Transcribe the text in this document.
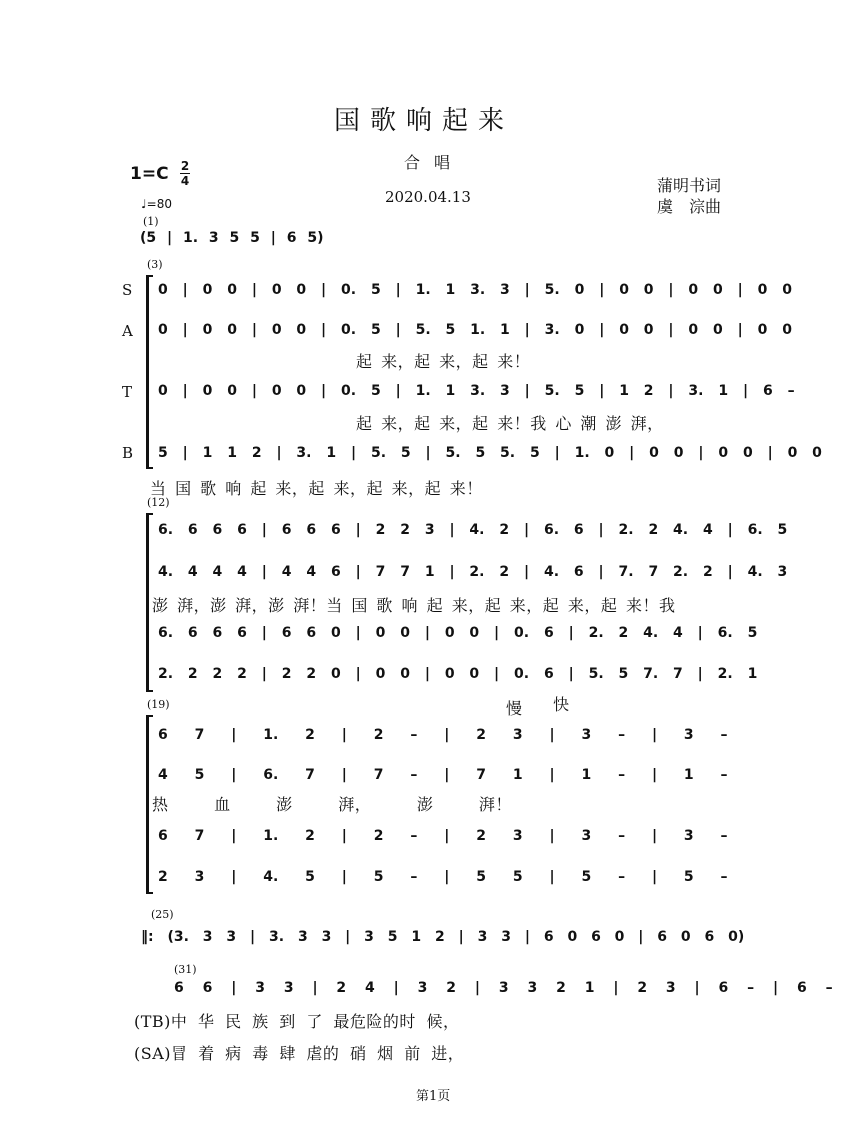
国歌响起来
合唱
2020.04.13
蒲明书词
虞　淙曲
1=C 2
4
♩=80
(1)
(5 | 1. 3 5 5 | 6 5)
(3)
S 0 | 0 0 | 0 0 | 0. 5 | 1. 1 3. 3 | 5. 0 | 0 0 | 0 0 | 0 0
A 0 | 0 0 | 0 0 | 0. 5 | 5. 5 1. 1 | 3. 0 | 0 0 | 0 0 | 0 0
起 来，起 来，起 来！
T 0 | 0 0 | 0 0 | 0. 5 | 1. 1 3. 3 | 5. 5 | 1 2 | 3. 1 | 6 –
起 来，起 来，起 来！我 心 潮 澎 湃，
B 5 | 1 1 2 | 3. 1 | 5. 5 | 5. 5 5. 5 | 1. 0 | 0 0 | 0 0 | 0 0
当 国 歌 响 起 来，起 来，起 来，起 来！
(12)
6. 6 6 6 | 6 6 6 | 2 2 3 | 4. 2 | 6. 6 | 2. 2 4. 4 | 6. 5
4. 4 4 4 | 4 4 6 | 7 7 1 | 2. 2 | 4. 6 | 7. 7 2. 2 | 4. 3
澎 湃，澎 湃，澎 湃！当 国 歌 响 起 来，起 来，起 来，起 来！我
6. 6 6 6 | 6 6 0 | 0 0 | 0 0 | 0. 6 | 2. 2 4. 4 | 6. 5
2. 2 2 2 | 2 2 0 | 0 0 | 0 0 | 0. 6 | 5. 5 7. 7 | 2. 1
(19)	慢 快
6 7 | 1. 2 | 2 – | 2 3 | 3 – | 3 –
4 5 | 6. 7 | 7 – | 7 1 | 1 – | 1 –
热 血 澎 湃， 澎 湃！
6 7 | 1. 2 | 2 – | 2 3 | 3 – | 3 –
2 3 | 4. 5 | 5 – | 5 5 | 5 – | 5 –
(25)
‖: (3. 3 3 | 3. 3 3 | 3 5 1 2 | 3 3 | 6 0 6 0 | 6 0 6 0)
(31)
6 6 | 3 3 | 2 4 | 3 2 | 3 3 2 1 | 2 3 | 6 – | 6 –
(TB)中 华 民 族 到 了 最危险的时 候，
(SA)冒 着 病 毒 肆 虐的 硝 烟 前 进，
第1页
